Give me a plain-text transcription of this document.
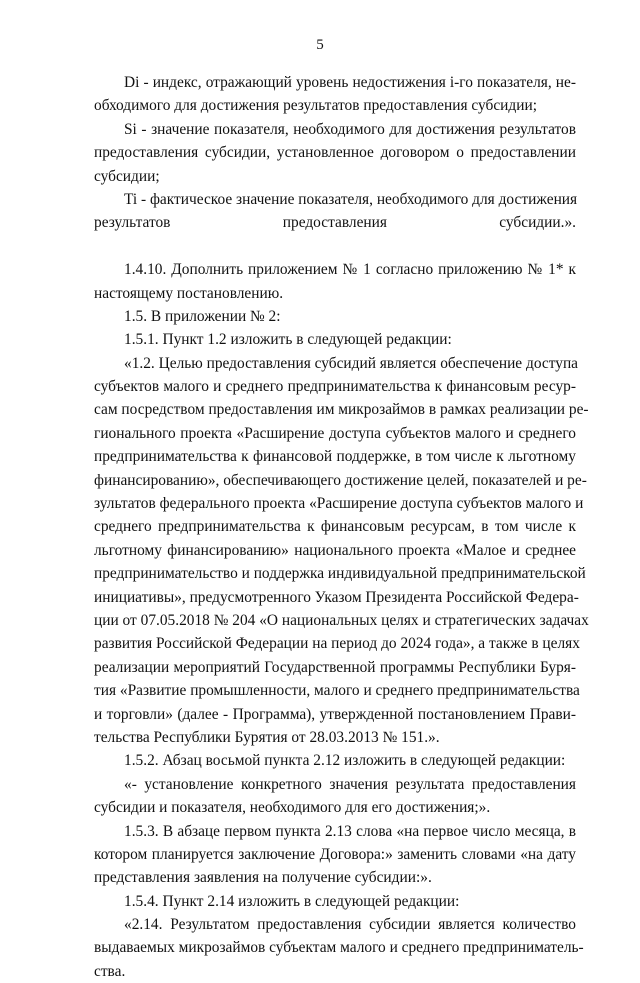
5
Di - индекс, отражающий уровень недостижения i-го показателя, не-
обходимого для достижения результатов предоставления субсидии;
Si - значение показателя, необходимого для достижения результатов
предоставления субсидии, установленное договором о предоставлении
субсидии;
Ti - фактическое значение показателя, необходимого для достижения
результатов предоставления субсидии.».
1.4.10. Дополнить приложением № 1 согласно приложению № 1* к
настоящему постановлению.
1.5. В приложении № 2:
1.5.1. Пункт 1.2 изложить в следующей редакции:
«1.2. Целью предоставления субсидий является обеспечение доступа
субъектов малого и среднего предпринимательства к финансовым ресур-
сам посредством предоставления им микрозаймов в рамках реализации ре-
гионального проекта «Расширение доступа субъектов малого и среднего
предпринимательства к финансовой поддержке, в том числе к льготному
финансированию», обеспечивающего достижение целей, показателей и ре-
зультатов федерального проекта «Расширение доступа субъектов малого и
среднего предпринимательства к финансовым ресурсам, в том числе к
льготному финансированию» национального проекта «Малое и среднее
предпринимательство и поддержка индивидуальной предпринимательской
инициативы», предусмотренного Указом Президента Российской Федера-
ции от 07.05.2018 № 204 «О национальных целях и стратегических задачах
развития Российской Федерации на период до 2024 года», а также в целях
реализации мероприятий Государственной программы Республики Буря-
тия «Развитие промышленности, малого и среднего предпринимательства
и торговли» (далее - Программа), утвержденной постановлением Прави-
тельства Республики Бурятия от 28.03.2013 № 151.».
1.5.2. Абзац восьмой пункта 2.12 изложить в следующей редакции:
«- установление конкретного значения результата предоставления
субсидии и показателя, необходимого для его достижения;».
1.5.3. В абзаце первом пункта 2.13 слова «на первое число месяца, в
котором планируется заключение Договора:» заменить словами «на дату
представления заявления на получение субсидии:».
1.5.4. Пункт 2.14 изложить в следующей редакции:
«2.14. Результатом предоставления субсидии является количество
выдаваемых микрозаймов субъектам малого и среднего предприниматель-
ства.
